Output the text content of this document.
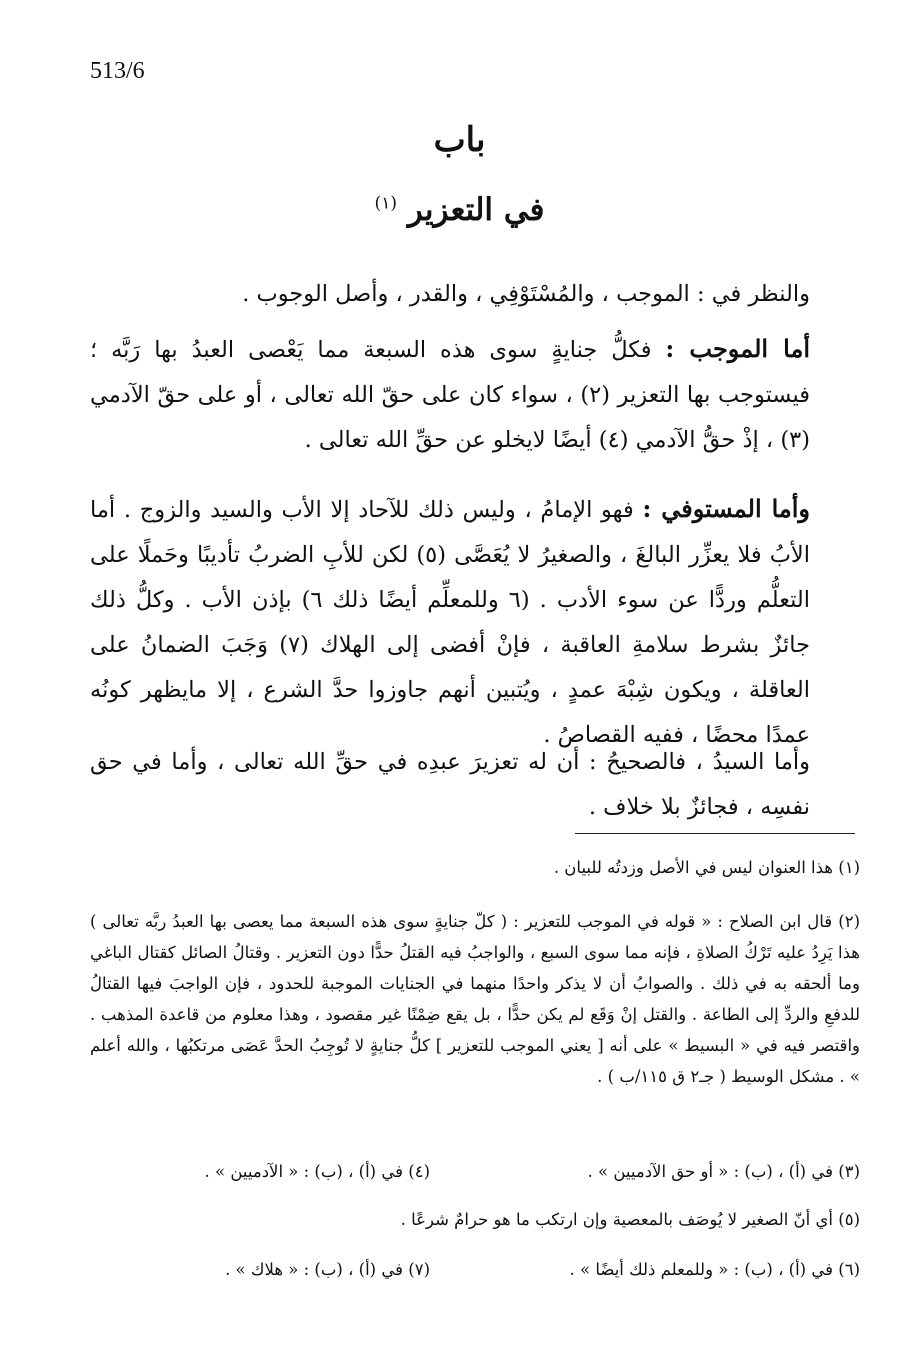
513/6
باب
في التعزير $^{(١)}$

والنظر في : الموجب ، والمُسْتَوْفِي ، والقدر ، وأصل الوجوب .

أما الموجب : فكلُّ جنايةٍ سوى هذه السبعة مما يَعْصى العبدُ بها رَبَّه ؛ فيستوجب بها التعزير (٢) ، سواء كان على حقّ الله تعالى ، أو على حقّ الآدمي (٣) ، إذْ حقُّ الآدمي (٤) أيضًا لايخلو عن حقِّ الله تعالى .

وأما المستوفي : فهو الإمامُ ، وليس ذلك للآحاد إلا الأب والسيد والزوج . أما الأبُ فلا يعزِّر البالغَ ، والصغيرُ لا يُعَصَّى (٥) لكن للأبِ الضربُ تأديبًا وحَملًا على التعلُّم وردًّا عن سوء الأدب . (٦ وللمعلِّم أيضًا ذلك ٦) بإذن الأب . وكلُّ ذلك جائزٌ بشرط سلامةِ العاقبة ، فإنْ أفضى إلى الهلاك (٧) وَجَبَ الضمانُ على العاقلة ، ويكون شِبْهَ عمدٍ ، ويُتبين أنهم جاوزوا حدَّ الشرع ، إلا مايظهر كونُه عمدًا محضًا ، ففيه القصاصُ .

وأما السيدُ ، فالصحيحُ : أن له تعزيرَ عبدِه في حقِّ الله تعالى ، وأما في حق نفسِه ، فجائزٌ بلا خلاف .

(١) هذا العنوان ليس في الأصل وزدتُه للبيان .

(٢) قال ابن الصلاح : « قوله في الموجب للتعزير : ( كلّ جنايةٍ سوى هذه السبعة مما يعصى بها العبدُ ربَّه تعالى ) هذا يَرِدُ عليه تَرْكُ الصلاةِ ، فإنه مما سوى السبع ، والواجبُ فيه القتلُ حدًّا دون التعزير . وقتالُ الصائل كقتال الباغي وما ألحقه به في ذلك . والصوابُ أن لا يذكر واحدًا منهما في الجنايات الموجبة للحدود ، فإن الواجبَ فيها القتالُ للدفعِ والردِّ إلى الطاعة . والقتل إنْ وَقَع لم يكن حدًّا ، بل يقع ضِمْنًا غير مقصود ، وهذا معلوم من قاعدة المذهب . واقتصر فيه في « البسيط » على أنه [ يعني الموجب للتعزير ] كلُّ جنايةٍ لا تُوجِبُ الحدَّ عَصَى مرتكبُها ، والله أعلم » . مشكل الوسيط ( جـ٢ ق ١١٥/ب ) .

(٣) في (أ) ، (ب) : « أو حق الآدميين » .
(٤) في (أ) ، (ب) : « الآدميين » .
(٥) أي أنّ الصغير لا يُوصَف بالمعصية وإن ارتكب ما هو حرامٌ شرعًا .
(٦) في (أ) ، (ب) : « وللمعلم ذلك أيضًا » .
(٧) في (أ) ، (ب) : « هلاك » .
